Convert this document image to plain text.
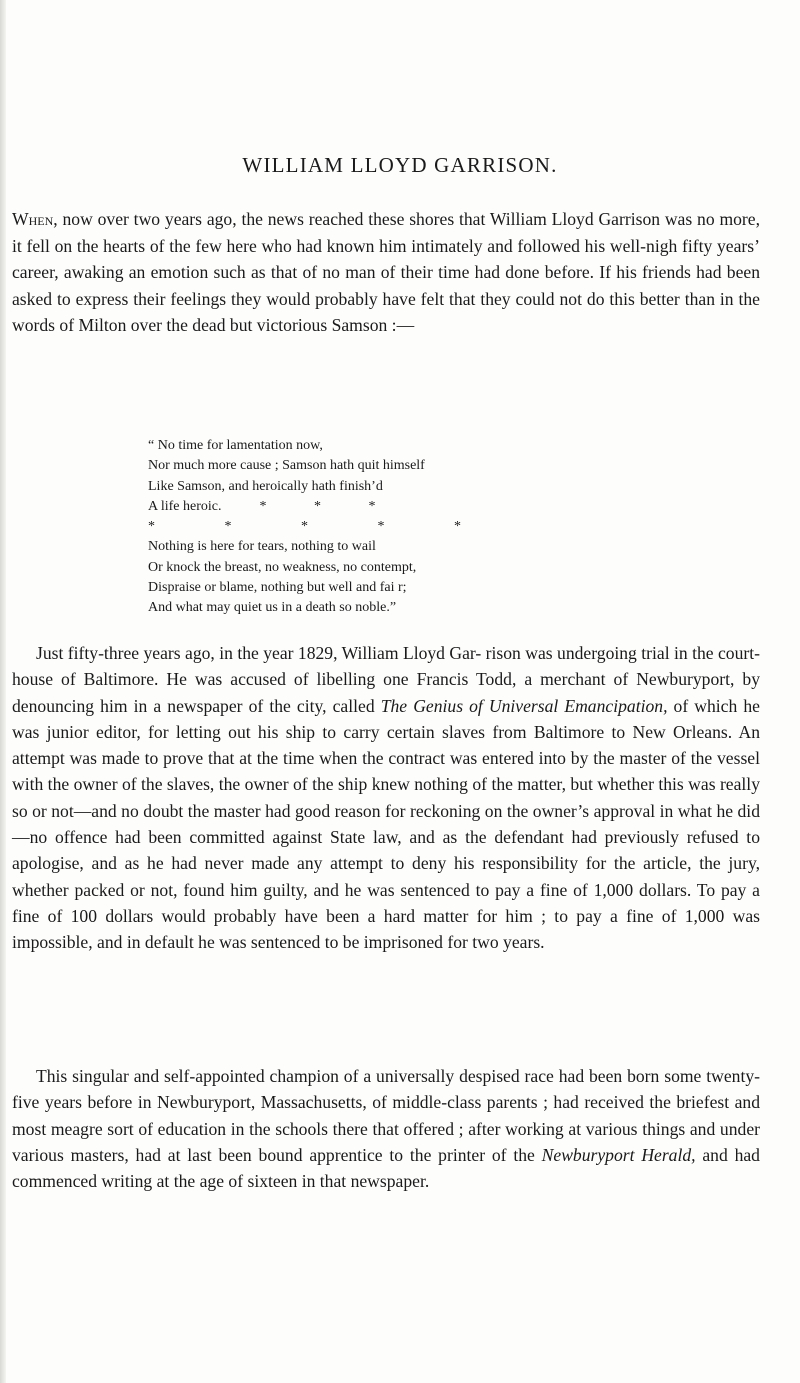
WILLIAM LLOYD GARRISON.

When, now over two years ago, the news reached these shores that William Lloyd Garrison was no more, it fell on the hearts of the few here who had known him intimately and followed his well-nigh fifty years’ career, awaking an emotion such as that of no man of their time had done before. If his friends had been asked to express their feelings they would probably have felt that they could not do this better than in the words of Milton over the dead but victorious Samson :—

“ No time for lamentation now,
Nor much more cause ; Samson hath quit himself
Like Samson, and heroically hath finish’d
A life heroic.	* * *
* * * * *
Nothing is here for tears, nothing to wail
Or knock the breast, no weakness, no contempt,
Dispraise or blame, nothing but well and fai r;
And what may quiet us in a death so noble.”

Just fifty-three years ago, in the year 1829, William Lloyd Gar- rison was undergoing trial in the court-house of Baltimore. He was accused of libelling one Francis Todd, a merchant of Newburyport, by denouncing him in a newspaper of the city, called The Genius of Universal Emancipation, of which he was junior editor, for letting out his ship to carry certain slaves from Baltimore to New Orleans. An attempt was made to prove that at the time when the contract was entered into by the master of the vessel with the owner of the slaves, the owner of the ship knew nothing of the matter, but whether this was really so or not—and no doubt the master had good reason for reckoning on the owner’s approval in what he did—no offence had been committed against State law, and as the defendant had previously refused to apologise, and as he had never made any attempt to deny his responsibility for the article, the jury, whether packed or not, found him guilty, and he was sentenced to pay a fine of 1,000 dollars. To pay a fine of 100 dollars would probably have been a hard matter for him ; to pay a fine of 1,000 was impossible, and in default he was sentenced to be imprisoned for two years.

This singular and self-appointed champion of a universally despised race had been born some twenty-five years before in Newburyport, Massachusetts, of middle-class parents ; had received the briefest and most meagre sort of education in the schools there that offered ; after working at various things and under various masters, had at last been bound apprentice to the printer of the Newburyport Herald, and had commenced writing at the age of sixteen in that newspaper.
